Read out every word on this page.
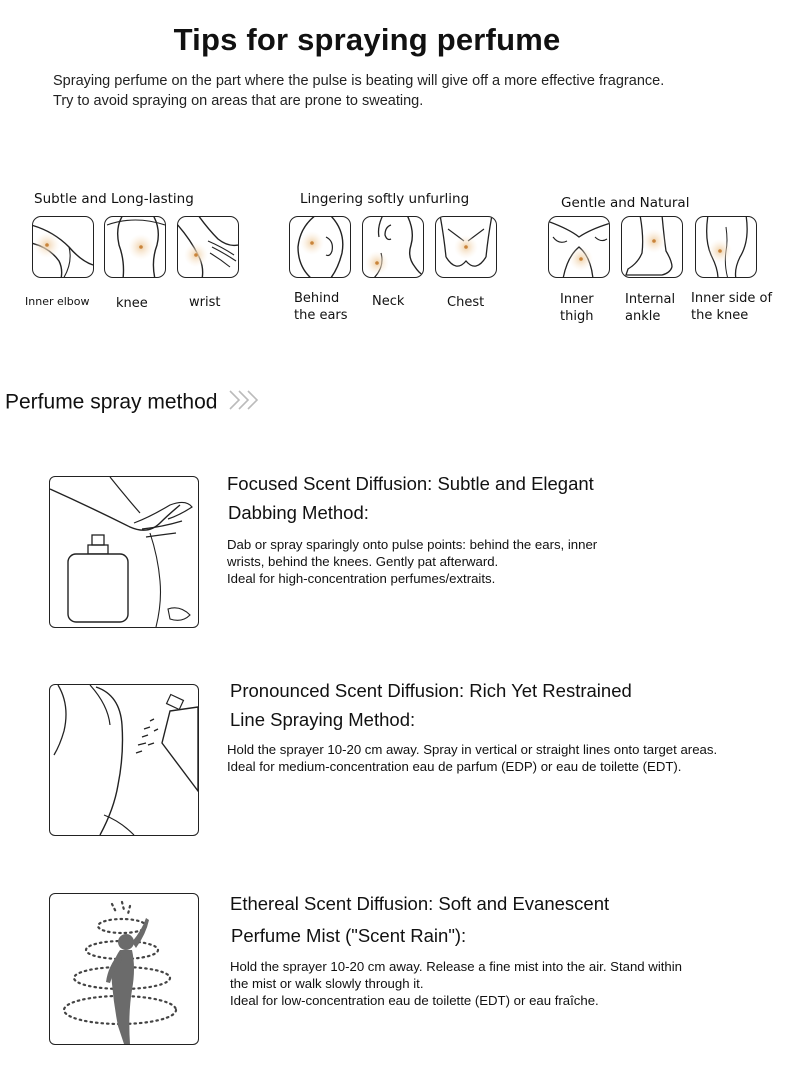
Tips for spraying perfume
Spraying perfume on the part where the pulse is beating will give off a more effective fragrance.
Try to avoid spraying on areas that are prone to sweating.
Subtle and Long-lasting
Inner elbow knee	wrist
Lingering softly unfurling
Behind
the ears
Neck	Chest
Gentle and Natural
Inner
thigh
Internal
ankle
Inner side of
the knee
Perfume spray method
Focused Scent Diffusion: Subtle and Elegant
Dabbing Method:
Dab or spray sparingly onto pulse points: behind the ears, inner
wrists, behind the knees. Gently pat afterward.
Ideal for high-concentration perfumes/extraits.
Pronounced Scent Diffusion: Rich Yet Restrained
Line Spraying Method:
Hold the sprayer 10-20 cm away. Spray in vertical or straight lines onto target areas.
Ideal for medium-concentration eau de parfum (EDP) or eau de toilette (EDT).
Ethereal Scent Diffusion: Soft and Evanescent
Perfume Mist ("Scent Rain"):
Hold the sprayer 10-20 cm away. Release a fine mist into the air. Stand within
the mist or walk slowly through it.
Ideal for low-concentration eau de toilette (EDT) or eau fraîche.
